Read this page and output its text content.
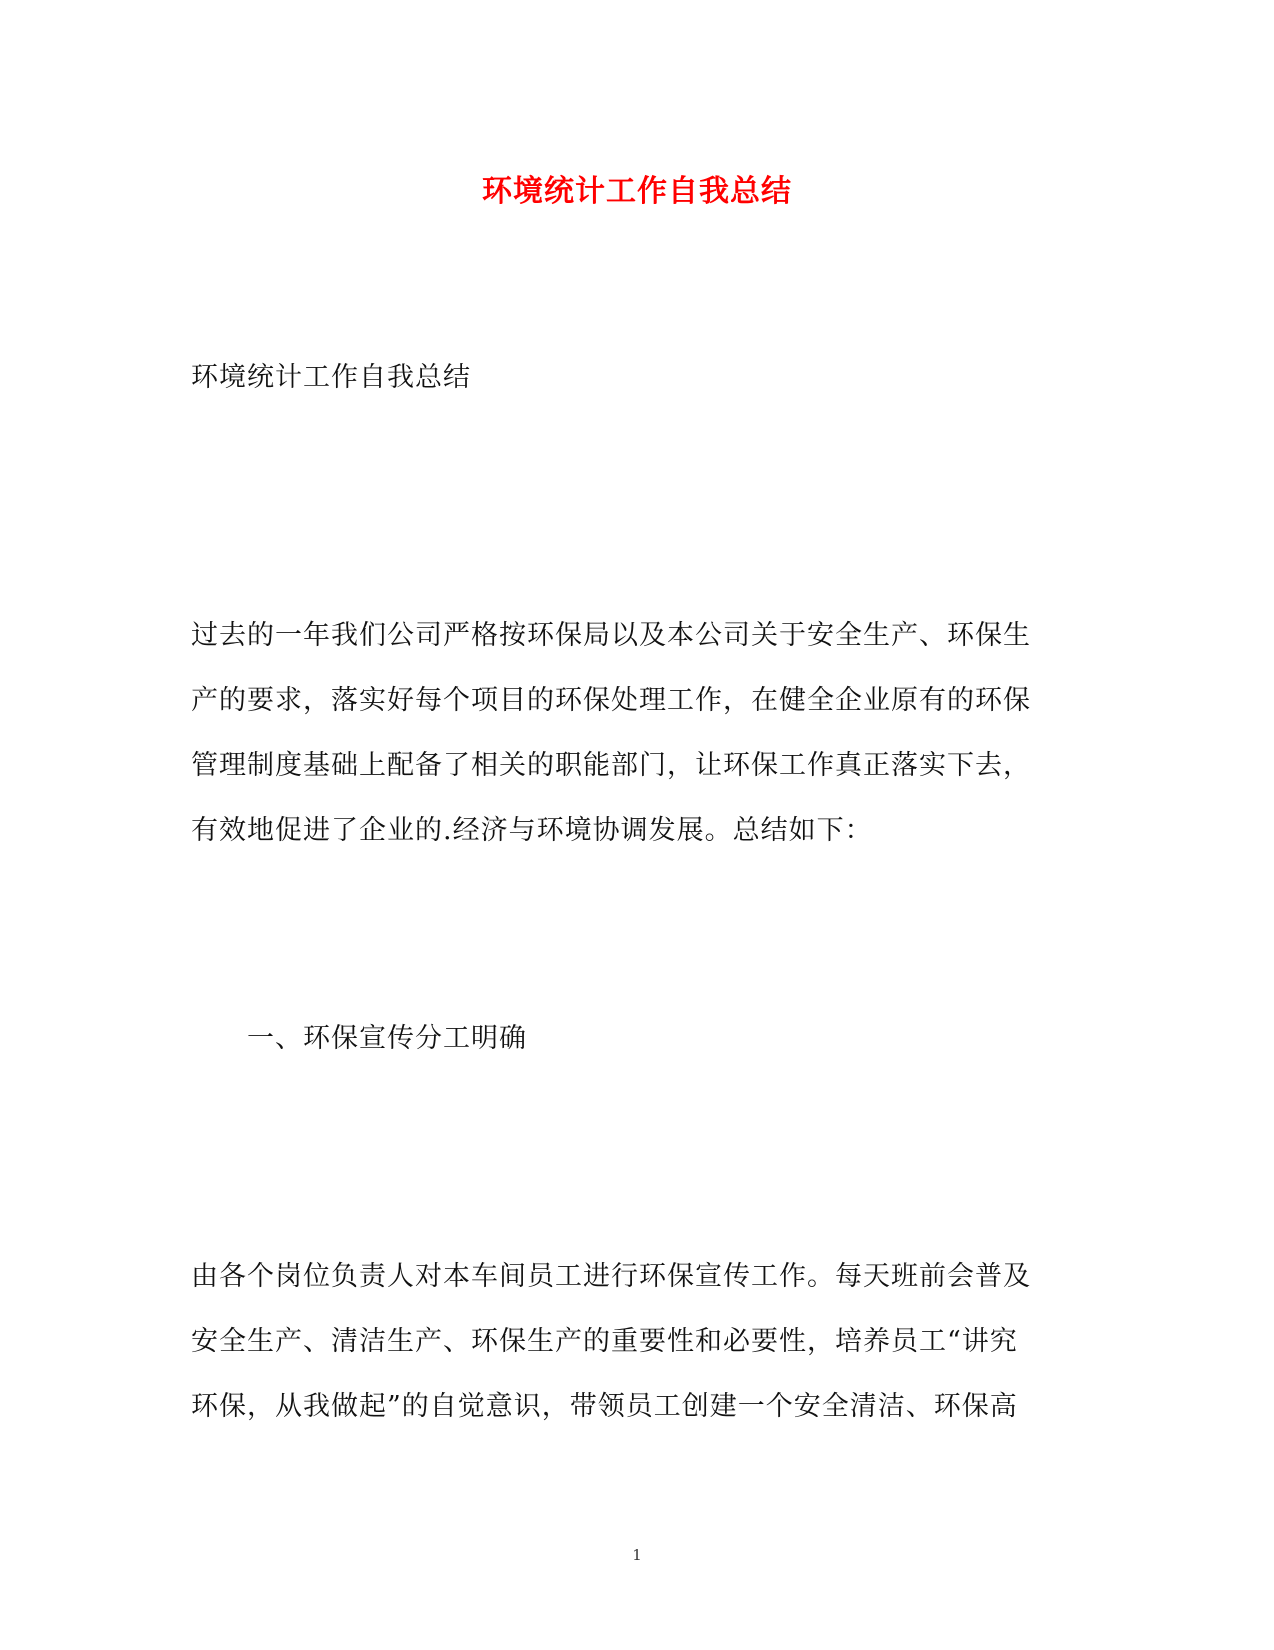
环境统计工作自我总结
环境统计工作自我总结
过去的一年我们公司严格按环保局以及本公司关于安全生产、环保生
产的要求，落实好每个项目的环保处理工作，在健全企业原有的环保
管理制度基础上配备了相关的职能部门，让环保工作真正落实下去，
有效地促进了企业的.经济与环境协调发展。总结如下：
一、环保宣传分工明确
由各个岗位负责人对本车间员工进行环保宣传工作。每天班前会普及
安全生产、清洁生产、环保生产的重要性和必要性，培养员工“讲究
环保，从我做起”的自觉意识，带领员工创建一个安全清洁、环保高
1
